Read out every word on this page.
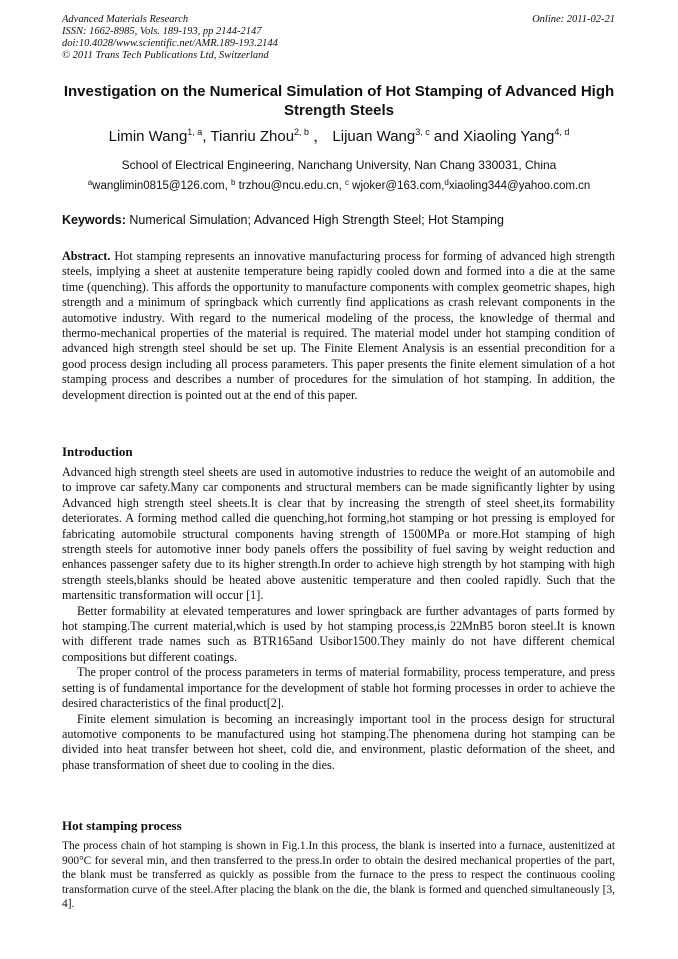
Advanced Materials Research
ISSN: 1662-8985, Vols. 189-193, pp 2144-2147
doi:10.4028/www.scientific.net/AMR.189-193.2144
© 2011 Trans Tech Publications Ltd, Switzerland
Online: 2011-02-21
Investigation on the Numerical Simulation of Hot Stamping of Advanced High Strength Steels
Limin Wang$^{1, a}$, Tianriu Zhou$^{2, b}$ ， Lijuan Wang$^{3, c}$ and Xiaoling Yang$^{4, d}$
School of Electrical Engineering, Nanchang University, Nan Chang 330031, China
$^a$wanglimin0815@126.com, $^b$ trzhou@ncu.edu.cn, $^c$ wjoker@163.com,$^d$xiaoling344@yahoo.com.cn
Keywords: Numerical Simulation; Advanced High Strength Steel; Hot Stamping
Abstract. Hot stamping represents an innovative manufacturing process for forming of advanced high strength steels, implying a sheet at austenite temperature being rapidly cooled down and formed into a die at the same time (quenching). This affords the opportunity to manufacture components with complex geometric shapes, high strength and a minimum of springback which currently find applications as crash relevant components in the automotive industry. With regard to the numerical modeling of the process, the knowledge of thermal and thermo-mechanical properties of the material is required. The material model under hot stamping condition of advanced high strength steel should be set up. The Finite Element Analysis is an essential precondition for a good process design including all process parameters. This paper presents the finite element simulation of a hot stamping process and describes a number of procedures for the simulation of hot stamping. In addition, the development direction is pointed out at the end of this paper.
Introduction

Advanced high strength steel sheets are used in automotive industries to reduce the weight of an automobile and to improve car safety.Many car components and structural members can be made significantly lighter by using Advanced high strength steel sheets.It is clear that by increasing the strength of steel sheet,its formability deteriorates. A forming method called die quenching,hot forming,hot stamping or hot pressing is employed for fabricating automobile structural components having strength of 1500MPa or more.Hot stamping of high strength steels for automotive inner body panels offers the possibility of fuel saving by weight reduction and enhances passenger safety due to its higher strength.In order to achieve high strength by hot stamping with high strength steels,blanks should be heated above austenitic temperature and then cooled rapidly. Such that the martensitic transformation will occur [1].

Better formability at elevated temperatures and lower springback are further advantages of parts formed by hot stamping.The current material,which is used by hot stamping process,is 22MnB5 boron steel.It is known with different trade names such as BTR165and Usibor1500.They mainly do not have different chemical compositions but different coatings.

The proper control of the process parameters in terms of material formability, process temperature, and press setting is of fundamental importance for the development of stable hot forming processes in order to achieve the desired characteristics of the final product[2].

Finite element simulation is becoming an increasingly important tool in the process design for structural automotive components to be manufactured using hot stamping.The phenomena during hot stamping can be divided into heat transfer between hot sheet, cold die, and environment, plastic deformation of the sheet, and phase transformation of sheet due to cooling in the dies.

Hot stamping process
The process chain of hot stamping is shown in Fig.1.In this process, the blank is inserted into a furnace, austenitized at 900°C for several min, and then transferred to the press.In order to obtain the desired mechanical properties of the part, the blank must be transferred as quickly as possible from the furnace to the press to respect the continuous cooling transformation curve of the steel.After placing the blank on the die, the blank is formed and quenched simultaneously [3, 4].
